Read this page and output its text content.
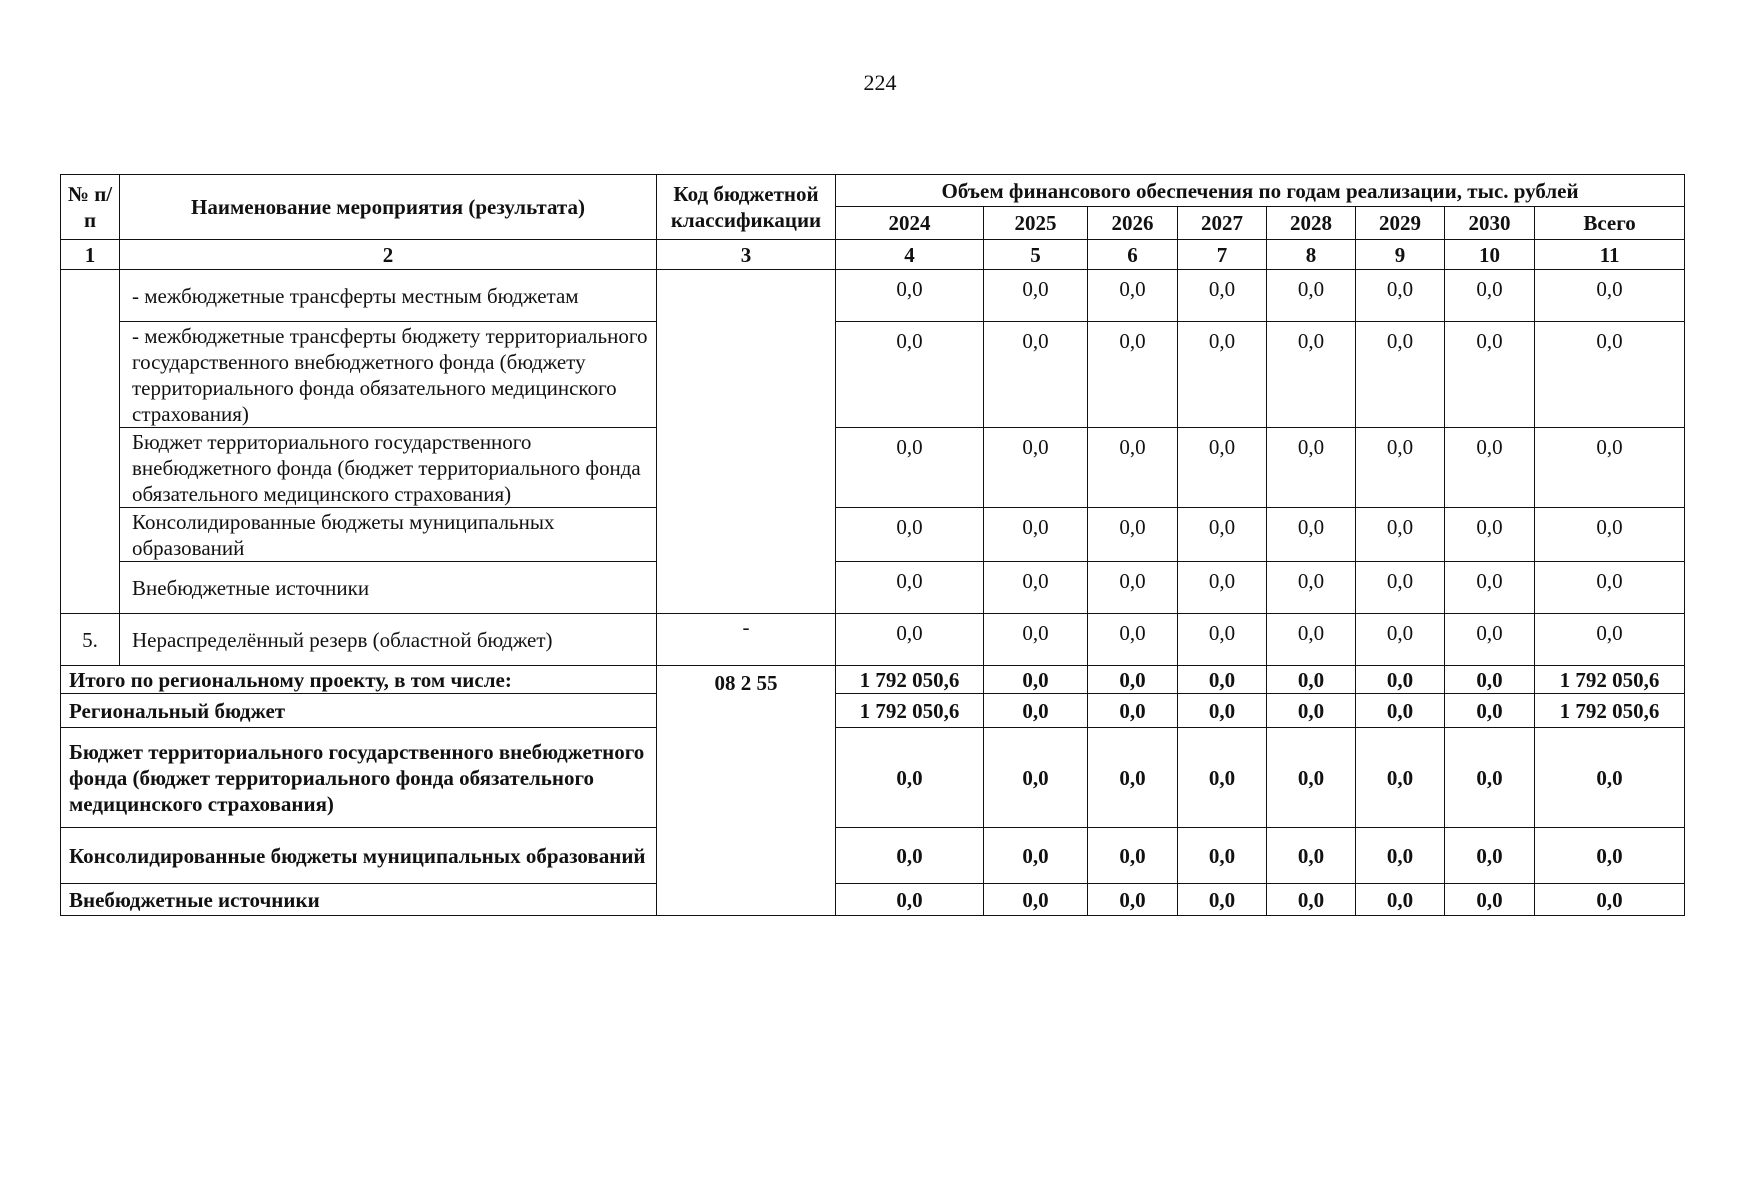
224
№ п/п	Наименование мероприятия (результата)	Код бюджетной классификации	Объем финансового обеспечения по годам реализации, тыс. рублей							
			2024	2025	2026	2027	2028	2029	2030	Всего
1	2	3	4	5	6	7	8	9	10	11
	- межбюджетные трансферты местным бюджетам		0,0	0,0	0,0	0,0	0,0	0,0	0,0	0,0
	- межбюджетные трансферты бюджету территориального государственного внебюджетного фонда (бюджету территориального фонда обязательного медицинского страхования)		0,0	0,0	0,0	0,0	0,0	0,0	0,0	0,0
	Бюджет территориального государственного внебюджетного фонда (бюджет территориального фонда обязательного медицинского страхования)		0,0	0,0	0,0	0,0	0,0	0,0	0,0	0,0
	Консолидированные бюджеты муниципальных образований		0,0	0,0	0,0	0,0	0,0	0,0	0,0	0,0
	Внебюджетные источники		0,0	0,0	0,0	0,0	0,0	0,0	0,0	0,0
5.	Нераспределённый резерв (областной бюджет)	-	0,0	0,0	0,0	0,0	0,0	0,0	0,0	0,0
Итого по региональному проекту, в том числе:		08 2 55	1 792 050,6	0,0	0,0	0,0	0,0	0,0	0,0	1 792 050,6
Региональный бюджет			1 792 050,6	0,0	0,0	0,0	0,0	0,0	0,0	1 792 050,6
Бюджет территориального государственного внебюджетного фонда (бюджет территориального фонда обязательного медицинского страхования)			0,0	0,0	0,0	0,0	0,0	0,0	0,0	0,0
Консолидированные бюджеты муниципальных образований			0,0	0,0	0,0	0,0	0,0	0,0	0,0	0,0
Внебюджетные источники			0,0	0,0	0,0	0,0	0,0	0,0	0,0	0,0
